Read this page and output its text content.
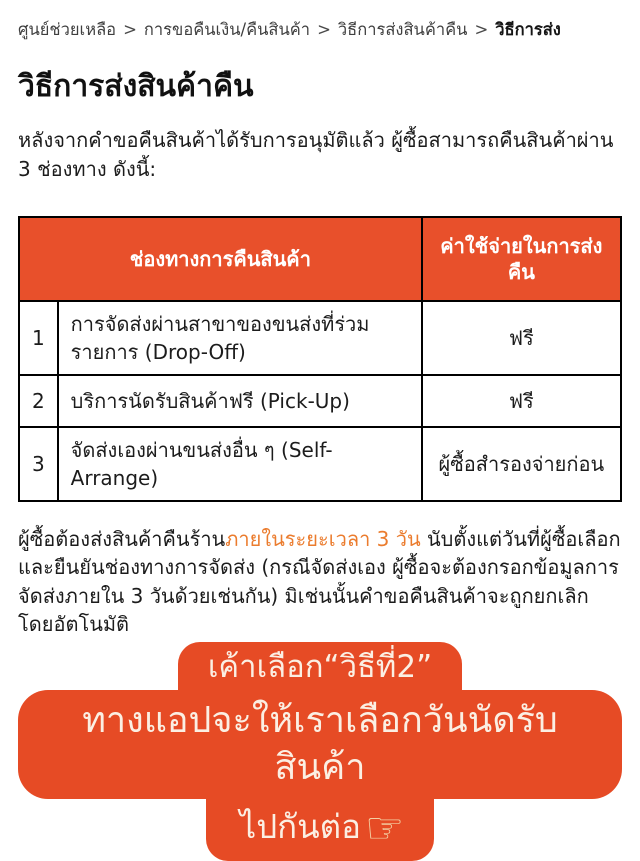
ศูนย์ช่วยเหลือ > การขอคืนเงิน/คืนสินค้า > วิธีการส่งสินค้าคืน > วิธีการส่ง
วิธีการส่งสินค้าคืน

หลังจากคำขอคืนสินค้าได้รับการอนุมัติแล้ว ผู้ซื้อสามารถคืนสินค้าผ่าน 3 ช่องทาง ดังนี้:

ช่องทางการคืนสินค้า		ค่าใช้จ่ายในการส่งคืน
1	การจัดส่งผ่านสาขาของขนส่งที่ร่วมรายการ (Drop-Off)	ฟรี
2	บริการนัดรับสินค้าฟรี (Pick-Up)	ฟรี
3	จัดส่งเองผ่านขนส่งอื่น ๆ (Self-Arrange)	ผู้ซื้อสำรองจ่ายก่อน

ผู้ซื้อต้องส่งสินค้าคืนร้านภายในระยะเวลา 3 วัน นับตั้งแต่วันที่ผู้ซื้อเลือกและยืนยันช่องทางการจัดส่ง (กรณีจัดส่งเอง ผู้ซื้อจะต้องกรอกข้อมูลการจัดส่งภายใน 3 วันด้วยเช่นกัน) มิเช่นนั้นคำขอคืนสินค้าจะถูกยกเลิกโดยอัตโนมัติ

เค้าเลือก“วิธีที่2”
ทางแอปจะให้เราเลือกวันนัดรับสินค้า
ไปกันต่อ ☞
